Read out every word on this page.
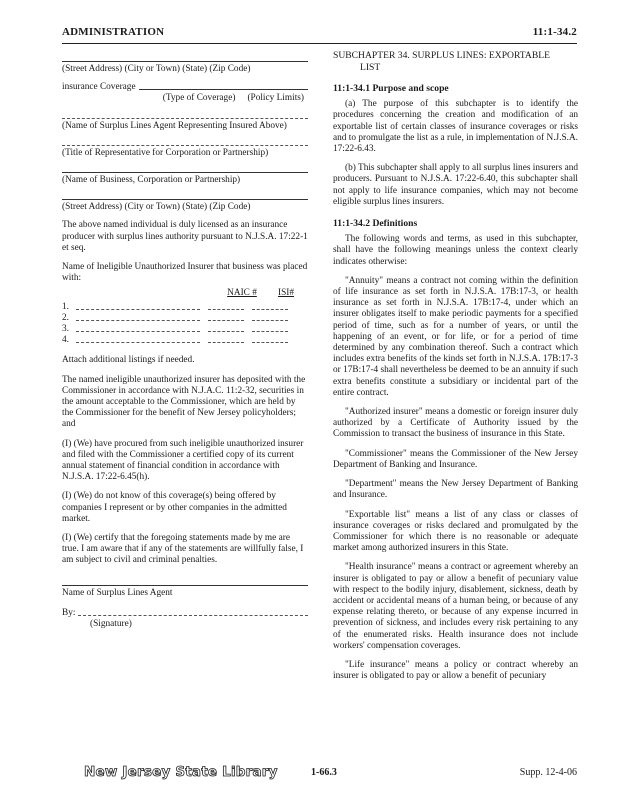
ADMINISTRATION	11:1-34.2
(Street Address) (City or Town) (State) (Zip Code)
insurance Coverage
(Type of Coverage) (Policy Limits)
(Name of Surplus Lines Agent Representing Insured Above)
(Title of Representative for Corporation or Partnership)
(Name of Business, Corporation or Partnership)
(Street Address) (City or Town) (State) (Zip Code)

The above named individual is duly licensed as an insurance producer with surplus lines authority pursuant to N.J.S.A. 17:22-1 et seq.

Name of Ineligible Unauthorized Insurer that business was placed with:

NAIC #	ISI#
1.
2.
3.
4.

Attach additional listings if needed.

The named ineligible unauthorized insurer has deposited with the Commissioner in accordance with N.J.A.C. 11:2-32, securities in the amount acceptable to the Commissioner, which are held by the Commissioner for the benefit of New Jersey policyholders; and

(I) (We) have procured from such ineligible unauthorized insurer and filed with the Commissioner a certified copy of its current annual statement of financial condition in accordance with N.J.S.A. 17:22-6.45(h).

(I) (We) do not know of this coverage(s) being offered by companies I represent or by other companies in the admitted market.

(I) (We) certify that the foregoing statements made by me are true. I am aware that if any of the statements are willfully false, I am subject to civil and criminal penalties.

Name of Surplus Lines Agent
By:
(Signature)
SUBCHAPTER 34. SURPLUS LINES: EXPORTABLE
LIST
11:1-34.1 Purpose and scope

(a) The purpose of this subchapter is to identify the procedures concerning the creation and modification of an exportable list of certain classes of insurance coverages or risks and to promulgate the list as a rule, in implementation of N.J.S.A. 17:22-6.43.

(b) This subchapter shall apply to all surplus lines insurers and producers. Pursuant to N.J.S.A. 17:22-6.40, this subchapter shall not apply to life insurance companies, which may not become eligible surplus lines insurers.

11:1-34.2 Definitions

The following words and terms, as used in this subchapter, shall have the following meanings unless the context clearly indicates otherwise:

"Annuity" means a contract not coming within the definition of life insurance as set forth in N.J.S.A. 17B:17-3, or health insurance as set forth in N.J.S.A. 17B:17-4, under which an insurer obligates itself to make periodic payments for a specified period of time, such as for a number of years, or until the happening of an event, or for life, or for a period of time determined by any combination thereof. Such a contract which includes extra benefits of the kinds set forth in N.J.S.A. 17B:17-3 or 17B:17-4 shall nevertheless be deemed to be an annuity if such extra benefits constitute a subsidiary or incidental part of the entire contract.

"Authorized insurer" means a domestic or foreign insurer duly authorized by a Certificate of Authority issued by the Commission to transact the business of insurance in this State.

"Commissioner" means the Commissioner of the New Jersey Department of Banking and Insurance.

"Department" means the New Jersey Department of Banking and Insurance.

"Exportable list" means a list of any class or classes of insurance coverages or risks declared and promulgated by the Commissioner for which there is no reasonable or adequate market among authorized insurers in this State.

"Health insurance" means a contract or agreement whereby an insurer is obligated to pay or allow a benefit of pecuniary value with respect to the bodily injury, disablement, sickness, death by accident or accidental means of a human being, or because of any expense relating thereto, or because of any expense incurred in prevention of sickness, and includes every risk pertaining to any of the enumerated risks. Health insurance does not include workers' compensation coverages.

"Life insurance" means a policy or contract whereby an insurer is obligated to pay or allow a benefit of pecuniary

New Jersey State Library	1-66.3	Supp. 12-4-06
